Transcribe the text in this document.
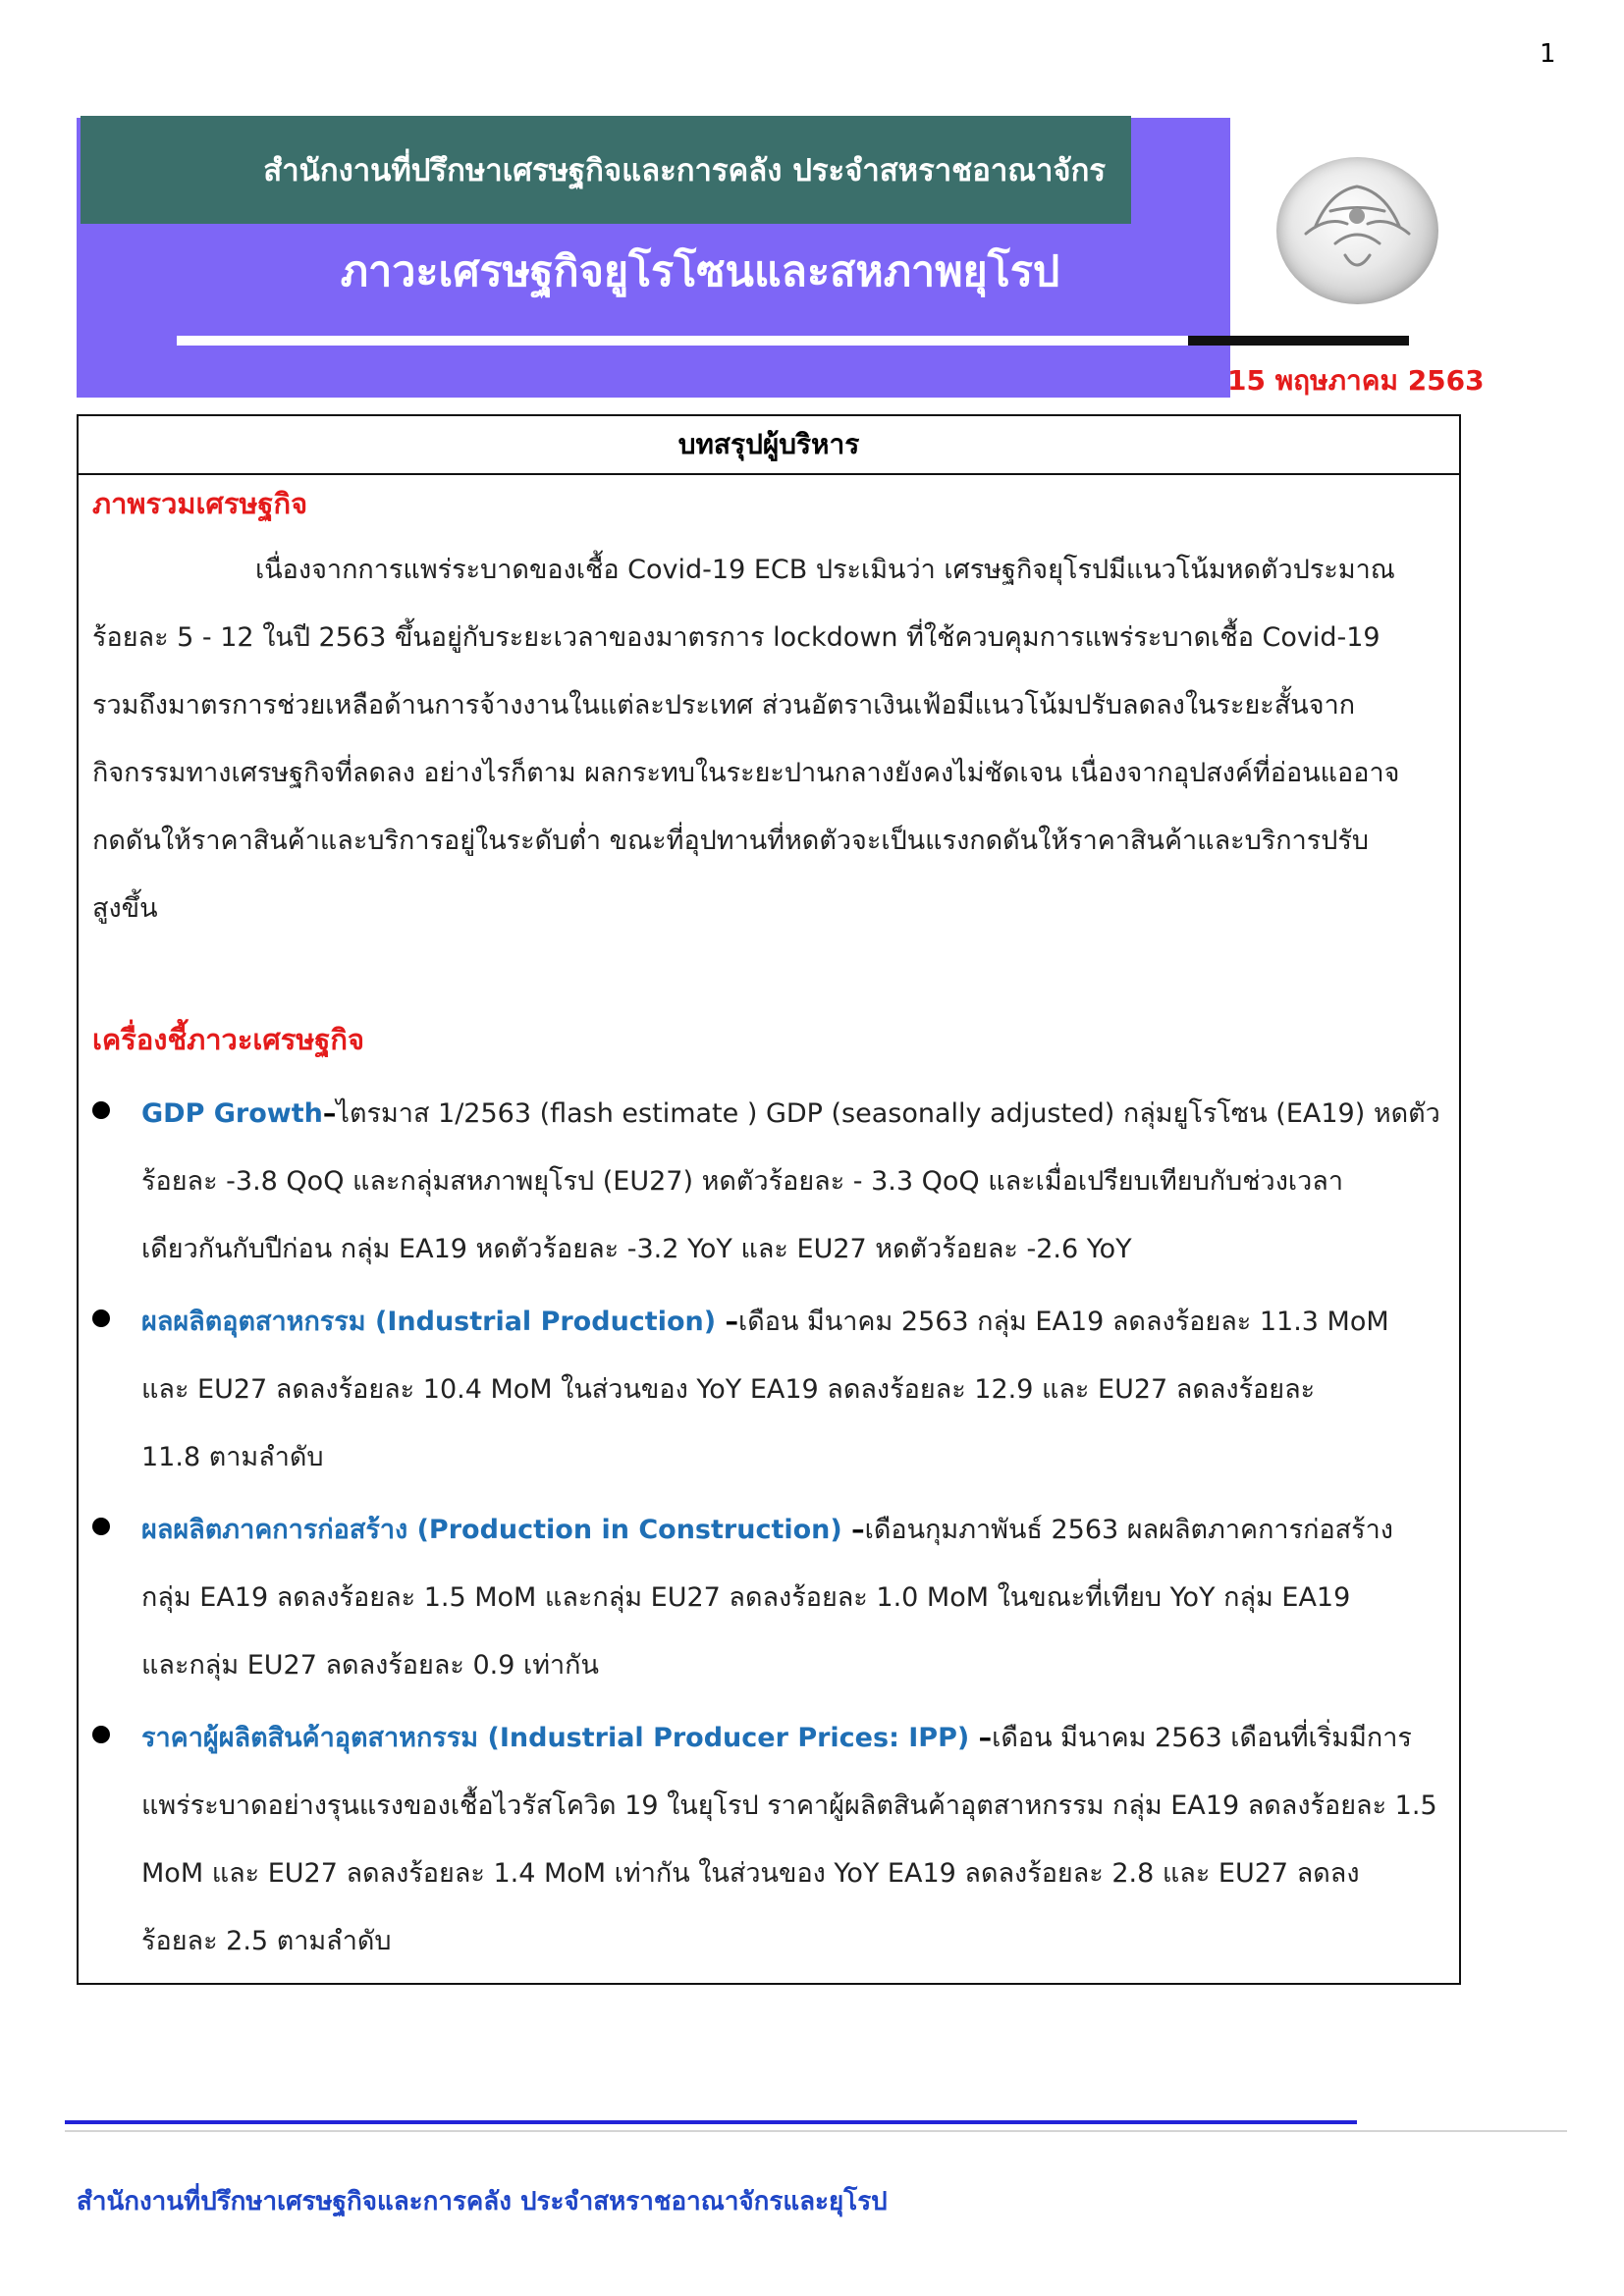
1
สำนักงานที่ปรึกษาเศรษฐกิจและการคลัง ประจำสหราชอาณาจักร
ภาวะเศรษฐกิจยูโรโซนและสหภาพยุโรป
15 พฤษภาคม 2563
บทสรุปผู้บริหาร
ภาพรวมเศรษฐกิจ
เนื่องจากการแพร่ระบาดของเชื้อ Covid-19 ECB ประเมินว่า เศรษฐกิจยุโรปมีแนวโน้มหดตัวประมาณ
ร้อยละ 5 - 12 ในปี 2563 ขึ้นอยู่กับระยะเวลาของมาตรการ lockdown ที่ใช้ควบคุมการแพร่ระบาดเชื้อ Covid-19
รวมถึงมาตรการช่วยเหลือด้านการจ้างงานในแต่ละประเทศ ส่วนอัตราเงินเฟ้อมีแนวโน้มปรับลดลงในระยะสั้นจาก
กิจกรรมทางเศรษฐกิจที่ลดลง อย่างไรก็ตาม ผลกระทบในระยะปานกลางยังคงไม่ชัดเจน เนื่องจากอุปสงค์ที่อ่อนแออาจ
กดดันให้ราคาสินค้าและบริการอยู่ในระดับต่ำ ขณะที่อุปทานที่หดตัวจะเป็นแรงกดดันให้ราคาสินค้าและบริการปรับ
สูงขึ้น
เครื่องชี้ภาวะเศรษฐกิจ
GDP Growth–ไตรมาส 1/2563 (flash estimate ) GDP (seasonally adjusted) กลุ่มยูโรโซน (EA19) หดตัว
ร้อยละ -3.8 QoQ และกลุ่มสหภาพยุโรป (EU27) หดตัวร้อยละ - 3.3 QoQ และเมื่อเปรียบเทียบกับช่วงเวลา
เดียวกันกับปีก่อน กลุ่ม EA19 หดตัวร้อยละ -3.2 YoY และ EU27 หดตัวร้อยละ -2.6 YoY
ผลผลิตอุตสาหกรรม (Industrial Production) –เดือน มีนาคม 2563 กลุ่ม EA19 ลดลงร้อยละ 11.3 MoM
และ EU27 ลดลงร้อยละ 10.4 MoM ในส่วนของ YoY EA19 ลดลงร้อยละ 12.9 และ EU27 ลดลงร้อยละ
11.8 ตามลำดับ
ผลผลิตภาคการก่อสร้าง (Production in Construction) –เดือนกุมภาพันธ์ 2563 ผลผลิตภาคการก่อสร้าง
กลุ่ม EA19 ลดลงร้อยละ 1.5 MoM และกลุ่ม EU27 ลดลงร้อยละ 1.0 MoM ในขณะที่เทียบ YoY กลุ่ม EA19
และกลุ่ม EU27 ลดลงร้อยละ 0.9 เท่ากัน
ราคาผู้ผลิตสินค้าอุตสาหกรรม (Industrial Producer Prices: IPP) –เดือน มีนาคม 2563 เดือนที่เริ่มมีการ
แพร่ระบาดอย่างรุนแรงของเชื้อไวรัสโควิด 19 ในยุโรป ราคาผู้ผลิตสินค้าอุตสาหกรรม กลุ่ม EA19 ลดลงร้อยละ 1.5
MoM และ EU27 ลดลงร้อยละ 1.4 MoM เท่ากัน ในส่วนของ YoY EA19 ลดลงร้อยละ 2.8 และ EU27 ลดลง
ร้อยละ 2.5 ตามลำดับ
สำนักงานที่ปรึกษาเศรษฐกิจและการคลัง ประจำสหราชอาณาจักรและยุโรป
